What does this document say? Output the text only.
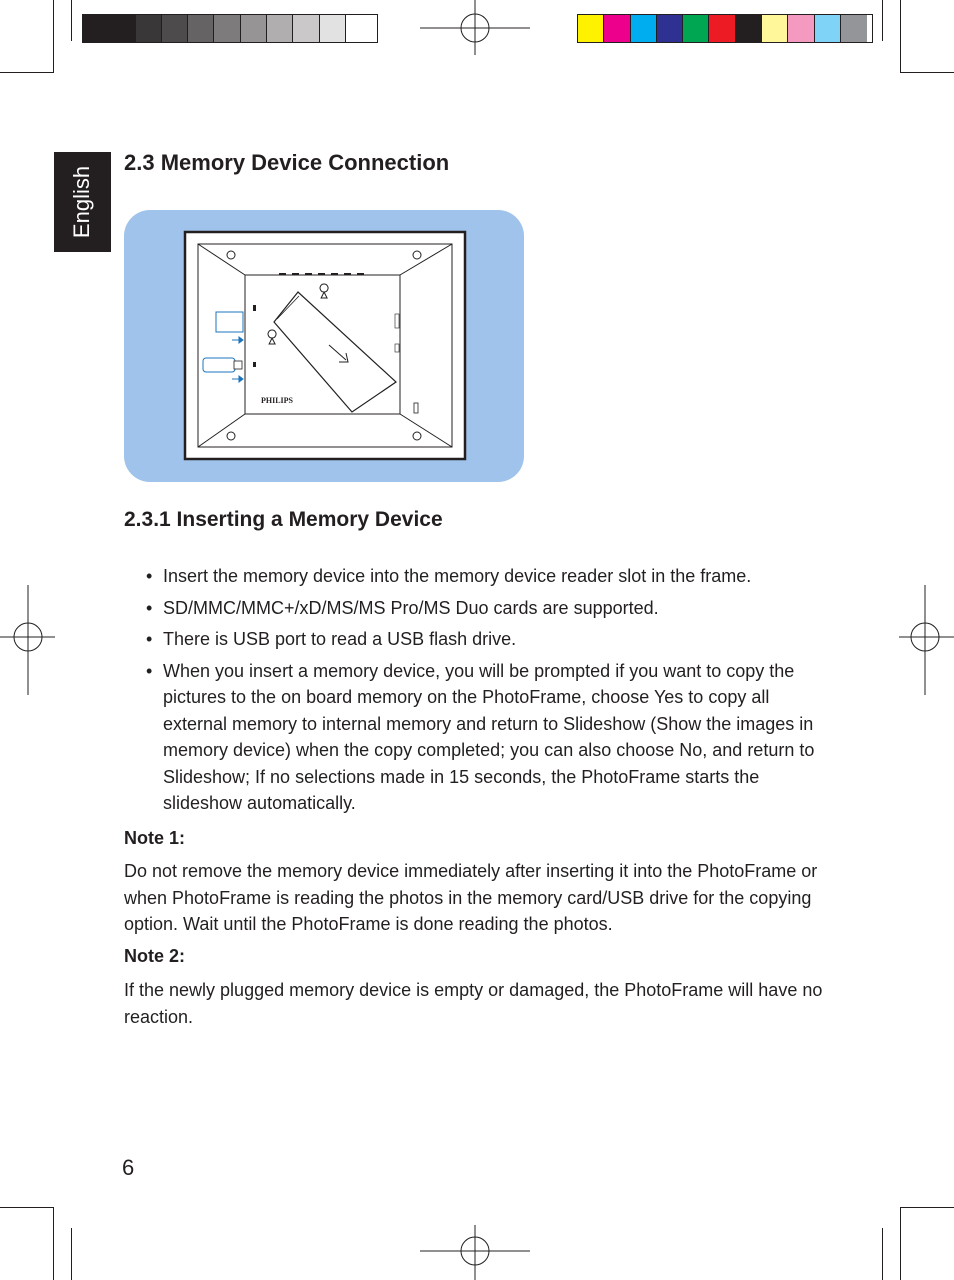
English
2.3 Memory Device Connection
PHILIPS
2.3.1 Inserting a Memory Device
• Insert the memory device into the memory device reader slot in the frame.
• SD/MMC/MMC+/xD/MS/MS Pro/MS Duo cards are supported.
• There is USB port to read a USB flash drive.
• When you insert a memory device, you will be prompted if you want to copy the pictures to the on board memory on the PhotoFrame, choose Yes to copy all external memory to internal memory and return to Slideshow (Show the images in memory device) when the copy completed; you can also choose No, and return to Slideshow; If no selections made in 15 seconds, the PhotoFrame starts the slideshow automatically.
Note 1:
Do not remove the memory device immediately after inserting it into the PhotoFrame or when PhotoFrame is reading the photos in the memory card/USB drive for the copying option. Wait until the PhotoFrame is done reading the photos.
Note 2:
If the newly plugged memory device is empty or damaged, the PhotoFrame will have no reaction.
6
